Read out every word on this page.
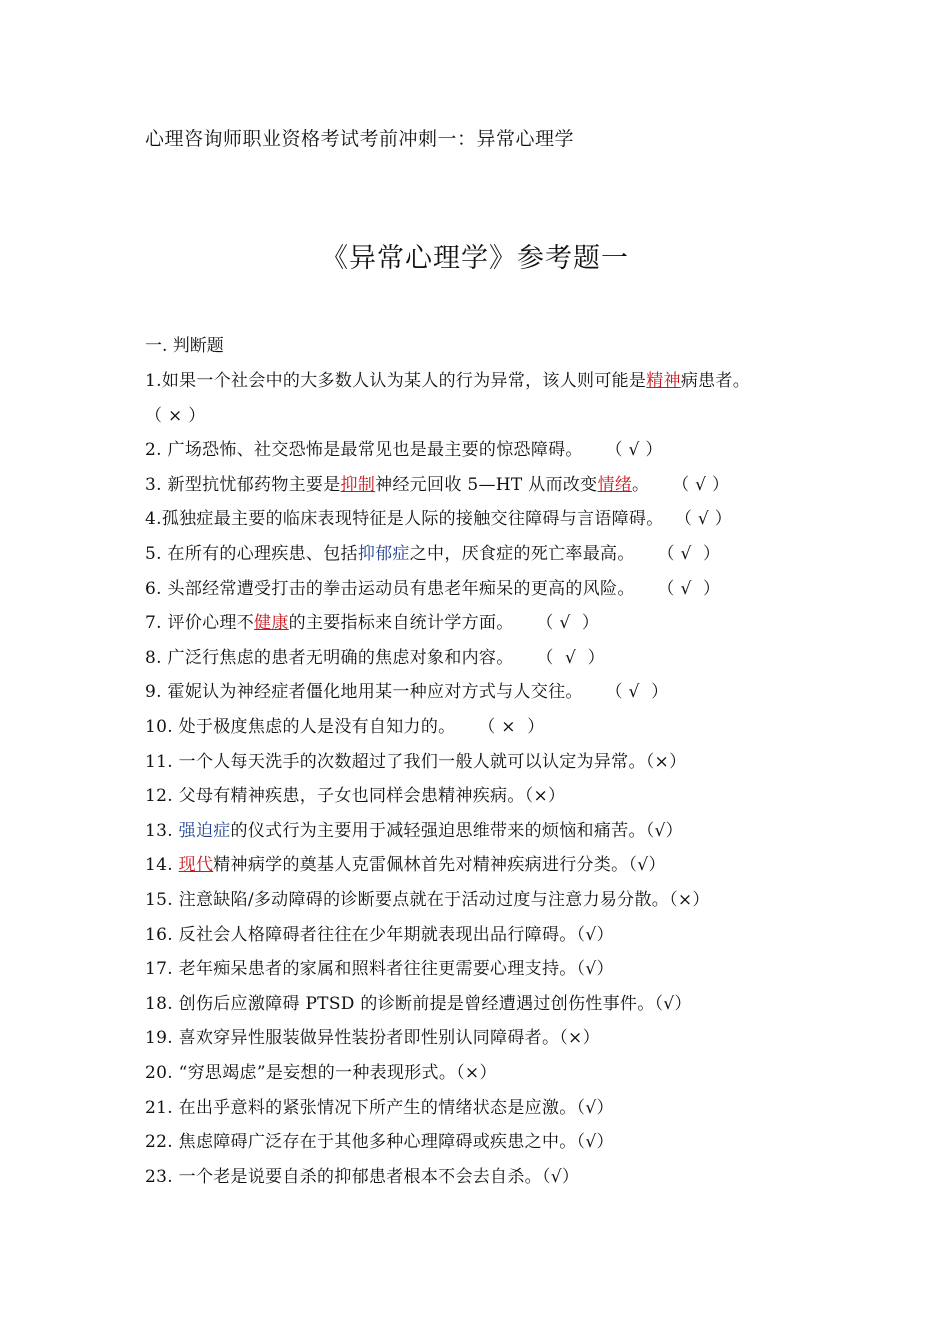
心理咨询师职业资格考试考前冲刺一：异常心理学
《异常心理学》参考题一
一. 判断题
1.如果一个社会中的大多数人认为某人的行为异常，该人则可能是精神病患者。
（ × ）
2. 广场恐怖、社交恐怖是最常见也是最主要的惊恐障碍。    （ √ ）
3. 新型抗忧郁药物主要是抑制神经元回收 5—HT 从而改变情绪。    （ √ ）
4.孤独症最主要的临床表现特征是人际的接触交往障碍与言语障碍。  （ √ ）
5. 在所有的心理疾患、包括抑郁症之中，厌食症的死亡率最高。    （ √  ）
6. 头部经常遭受打击的拳击运动员有患老年痴呆的更高的风险。    （ √  ）
7. 评价心理不健康的主要指标来自统计学方面。    （ √  ）
8. 广泛行焦虑的患者无明确的焦虑对象和内容。    （  √  ）
9. 霍妮认为神经症者僵化地用某一种应对方式与人交往。    （ √  ）
10. 处于极度焦虑的人是没有自知力的。    （ ×  ）
11. 一个人每天洗手的次数超过了我们一般人就可以认定为异常。（×）
12. 父母有精神疾患，子女也同样会患精神疾病。（×）
13. 强迫症的仪式行为主要用于减轻强迫思维带来的烦恼和痛苦。（√）
14. 现代精神病学的奠基人克雷佩林首先对精神疾病进行分类。（√）
15. 注意缺陷/多动障碍的诊断要点就在于活动过度与注意力易分散。（×）
16. 反社会人格障碍者往往在少年期就表现出品行障碍。（√）
17. 老年痴呆患者的家属和照料者往往更需要心理支持。（√）
18. 创伤后应激障碍 PTSD 的诊断前提是曾经遭遇过创伤性事件。（√）
19. 喜欢穿异性服装做异性装扮者即性别认同障碍者。（×）
20. “穷思竭虑”是妄想的一种表现形式。（×）
21. 在出乎意料的紧张情况下所产生的情绪状态是应激。（√）
22. 焦虑障碍广泛存在于其他多种心理障碍或疾患之中。（√）
23. 一个老是说要自杀的抑郁患者根本不会去自杀。（√）
